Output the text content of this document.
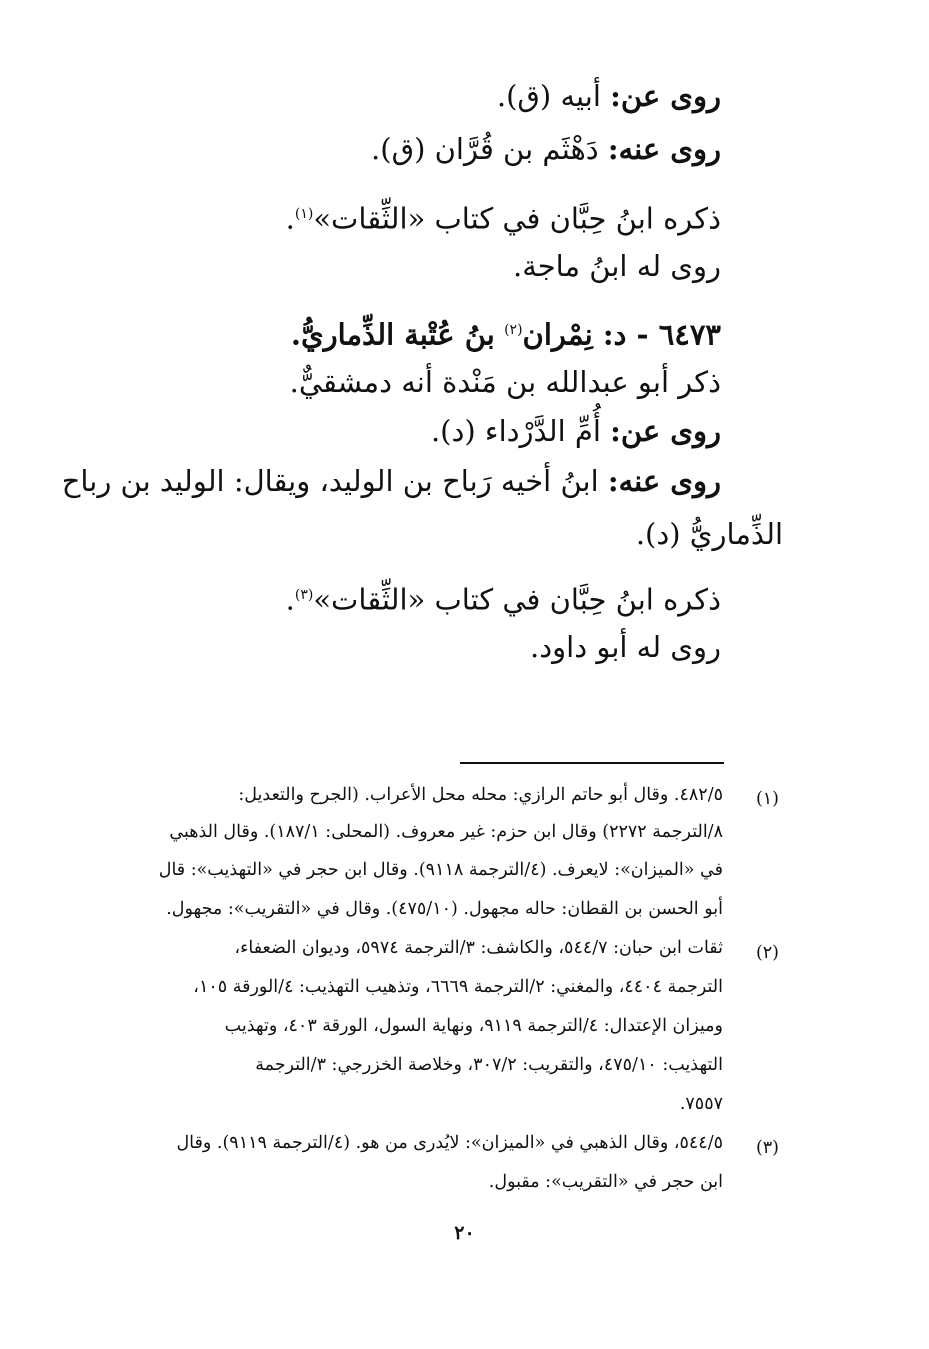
روى عن: أبيه (ق).
روى عنه: دَهْثَم بن قُرَّان (ق).
ذكره ابنُ حِبَّان في كتاب «الثِّقات»$^{(١)}$.
روى له ابنُ ماجة.
٦٤٧٣ - د: نِمْران$^{(٢)}$ بنُ عُتْبة الذِّماريُّ.
ذكر أبو عبدالله بن مَنْدة أنه دمشقيٌّ.
روى عن: أُمِّ الدَّرْداء (د).
روى عنه: ابنُ أخيه رَباح بن الوليد، ويقال: الوليد بن رباح
الذِّماريُّ (د).
ذكره ابنُ حِبَّان في كتاب «الثِّقات»$^{(٣)}$.
روى له أبو داود.
(١)
٤٨٢/٥. وقال أبو حاتم الرازي: محله محل الأعراب. (الجرح والتعديل:
٨/الترجمة ٢٢٧٢) وقال ابن حزم: غير معروف. (المحلى: ١٨٧/١). وقال الذهبي
في «الميزان»: لايعرف. (٤/الترجمة ٩١١٨). وقال ابن حجر في «التهذيب»: قال
أبو الحسن بن القطان: حاله مجهول. (٤٧٥/١٠). وقال في «التقريب»: مجهول.
(٢)
ثقات ابن حبان: ٥٤٤/٧، والكاشف: ٣/الترجمة ٥٩٧٤، وديوان الضعفاء،
الترجمة ٤٤٠٤، والمغني: ٢/الترجمة ٦٦٦٩، وتذهيب التهذيب: ٤/الورقة ١٠٥،
وميزان الإعتدال: ٤/الترجمة ٩١١٩، ونهاية السول، الورقة ٤٠٣، وتهذيب
التهذيب: ٤٧٥/١٠، والتقريب: ٣٠٧/٢، وخلاصة الخزرجي: ٣/الترجمة
٧٥٥٧.
(٣)
٥٤٤/٥، وقال الذهبي في «الميزان»: لايُدرى من هو. (٤/الترجمة ٩١١٩). وقال
ابن حجر في «التقريب»: مقبول.
٢٠
